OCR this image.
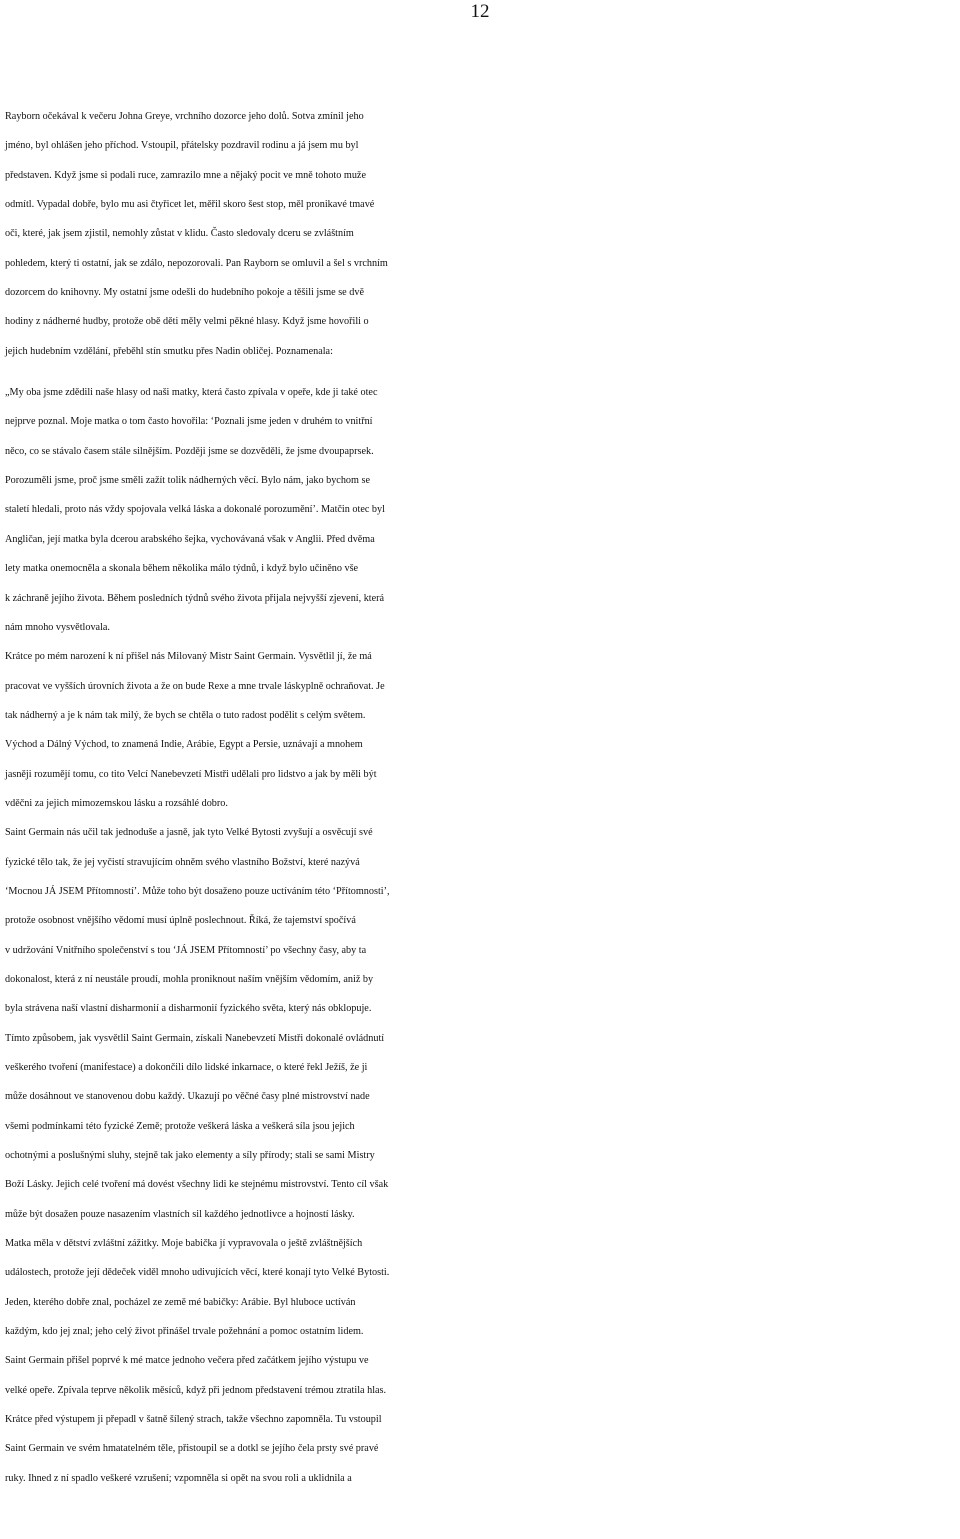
12
Rayborn očekával k večeru Johna Greye, vrchního dozorce jeho dolů. Sotva zmínil jeho
jméno, byl ohlášen jeho příchod. Vstoupil, přátelsky pozdravil rodinu a já jsem mu byl
představen. Když jsme si podali ruce, zamrazilo mne a nějaký pocit ve mně tohoto muže
odmítl. Vypadal dobře, bylo mu asi čtyřicet let, měřil skoro šest stop, měl pronikavé tmavé
oči, které, jak jsem zjistil, nemohly zůstat v klidu. Často sledovaly dceru se zvláštním
pohledem, který ti ostatní, jak se zdálo, nepozorovali. Pan Rayborn se omluvil a šel s vrchním
dozorcem do knihovny. My ostatní jsme odešli do hudebního pokoje a těšili jsme se dvě
hodiny z nádherné hudby, protože obě děti měly velmi pěkné hlasy. Když jsme hovořili o
jejich hudebním vzdělání, přeběhl stín smutku přes Nadin obličej. Poznamenala:
„My oba jsme zdědili naše hlasy od naši matky, která často zpívala v opeře, kde ji také otec
nejprve poznal. Moje matka o tom často hovořila: ‘Poznali jsme jeden v druhém to vnitřní
něco, co se stávalo časem stále silnějším. Později jsme se dozvěděli, že jsme dvoupaprsek.
Porozuměli jsme, proč jsme směli zažít tolik nádherných věcí. Bylo nám, jako bychom se
staletí hledali, proto nás vždy spojovala velká láska a dokonalé porozumění’. Matčin otec byl
Angličan, její matka byla dcerou arabského šejka, vychovávaná však v Anglii. Před dvěma
lety matka onemocněla a skonala během několika málo týdnů, i když bylo učiněno vše
k záchraně jejího života. Během posledních týdnů svého života přijala nejvyšší zjevení, která
nám mnoho vysvětlovala.
Krátce po mém narození k ní přišel nás Milovaný Mistr Saint Germain. Vysvětlil jí, že má
pracovat ve vyšších úrovních života a že on bude Rexe a mne trvale láskyplně ochraňovat. Je
tak nádherný a je k nám tak milý, že bych se chtěla o tuto radost podělit s celým světem.
Východ a Dálný Východ, to znamená Indie, Arábie, Egypt a Persie, uznávají a mnohem
jasněji rozumějí tomu, co tito Velcí Nanebevzetí Mistři udělali pro lidstvo a jak by měli být
vděčni za jejich mimozemskou lásku a rozsáhlé dobro.
Saint Germain nás učil tak jednoduše a jasně, jak tyto Velké Bytosti zvyšují a osvěcují své
fyzické tělo tak, že jej vyčistí stravujícím ohněm svého vlastního Božství, které nazývá
‘Mocnou JÁ JSEM Přítomností’. Může toho být dosaženo pouze uctíváním této ‘Přítomnosti’,
protože osobnost vnějšího vědomí musí úplně poslechnout. Říká, že tajemství spočívá
v udržování Vnitřního společenství s tou ‘JÁ JSEM Přítomností’ po všechny časy, aby ta
dokonalost, která z ní neustále proudí, mohla proniknout naším vnějším vědomím, aniž by
byla strávena naší vlastní disharmonií a disharmonií fyzického světa, který nás obklopuje.
Tímto způsobem, jak vysvětlil Saint Germain, získali Nanebevzetí Mistři dokonalé ovládnutí
veškerého tvoření (manifestace) a dokončili dílo lidské inkarnace, o které řekl Ježíš, že ji
může dosáhnout ve stanovenou dobu každý. Ukazují po věčné časy plné mistrovství nade
všemi podmínkami této fyzické Země; protože veškerá láska a veškerá síla jsou jejich
ochotnými a poslušnými sluhy, stejně tak jako elementy a síly přírody; stali se sami Mistry
Boží Lásky. Jejich celé tvoření má dovést všechny lidi ke stejnému mistrovství. Tento cíl však
může být dosažen pouze nasazením vlastních sil každého jednotlivce a hojností lásky.
Matka měla v dětství zvláštní zážitky. Moje babička jí vypravovala o ještě zvláštnějších
událostech, protože její dědeček viděl mnoho udivujících věcí, které konají tyto Velké Bytosti.
Jeden, kterého dobře znal, pocházel ze země mé babičky: Arábie. Byl hluboce uctíván
každým, kdo jej znal; jeho celý život přinášel trvale požehnání a pomoc ostatním lidem.
Saint Germain přišel poprvé k mé matce jednoho večera před začátkem jejího výstupu ve
velké opeře. Zpívala teprve několik měsíců, když při jednom představení trémou ztratila hlas.
Krátce před výstupem ji přepadl v šatně šílený strach, takže všechno zapomněla. Tu vstoupil
Saint Germain ve svém hmatatelném těle, přistoupil se a dotkl se jejího čela prsty své pravé
ruky. Ihned z ní spadlo veškeré vzrušení; vzpomněla si opět na svou roli a uklidnila a
